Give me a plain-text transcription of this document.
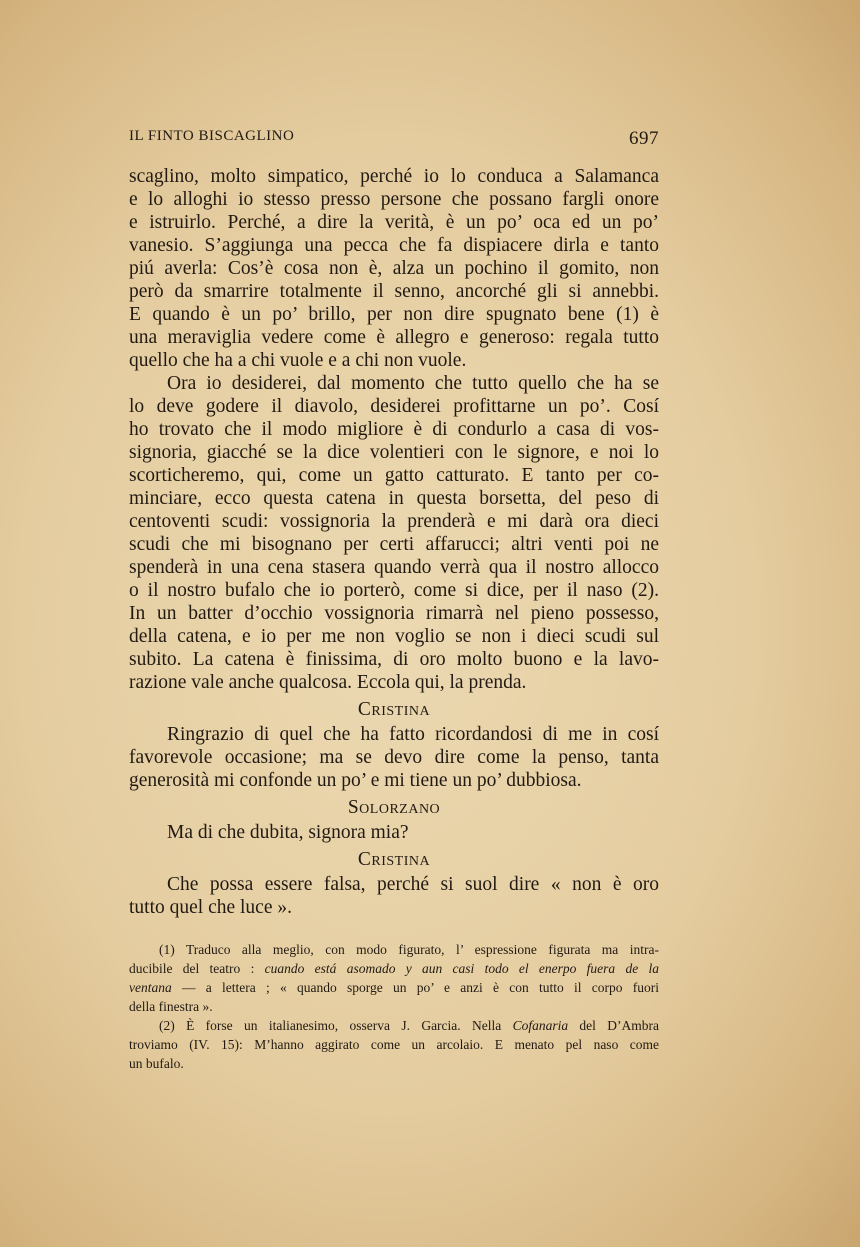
IL FINTO BISCAGLINO	697
scaglino, molto simpatico, perché io lo conduca a Salamanca
e lo alloghi io stesso presso persone che possano fargli onore
e istruirlo. Perché, a dire la verità, è un po’ oca ed un po’
vanesio. S’aggiunga una pecca che fa dispiacere dirla e tanto
piú averla: Cos’è cosa non è, alza un pochino il gomito, non
però da smarrire totalmente il senno, ancorché gli si annebbi.
E quando è un po’ brillo, per non dire spugnato bene (1) è
una meraviglia vedere come è allegro e generoso: regala tutto
quello che ha a chi vuole e a chi non vuole.
Ora io desiderei, dal momento che tutto quello che ha se
lo deve godere il diavolo, desiderei profittarne un po’. Cosí
ho trovato che il modo migliore è di condurlo a casa di vos-
signoria, giacché se la dice volentieri con le signore, e noi lo
scorticheremo, qui, come un gatto catturato. E tanto per co-
minciare, ecco questa catena in questa borsetta, del peso di
centoventi scudi: vossignoria la prenderà e mi darà ora dieci
scudi che mi bisognano per certi affarucci; altri venti poi ne
spenderà in una cena stasera quando verrà qua il nostro allocco
o il nostro bufalo che io porterò, come si dice, per il naso (2).
In un batter d’occhio vossignoria rimarrà nel pieno possesso,
della catena, e io per me non voglio se non i dieci scudi sul
subito. La catena è finissima, di oro molto buono e la lavo-
razione vale anche qualcosa. Eccola qui, la prenda.
Cristina
Ringrazio di quel che ha fatto ricordandosi di me in cosí
favorevole occasione; ma se devo dire come la penso, tanta
generosità mi confonde un po’ e mi tiene un po’ dubbiosa.
Solorzano
Ma di che dubita, signora mia?
Cristina
Che possa essere falsa, perché si suol dire « non è oro
tutto quel che luce ».
(1) Traduco alla meglio, con modo figurato, l’ espressione figurata ma intra-
ducibile del teatro : cuando está asomado y aun casi todo el enerpo fuera de la
ventana — a lettera ; « quando sporge un po’ e anzi è con tutto il corpo fuori
della finestra ».
(2) È forse un italianesimo, osserva J. Garcia. Nella Cofanaria del D’Ambra
troviamo (IV. 15): M’hanno aggirato come un arcolaio. E menato pel naso come
un bufalo.
